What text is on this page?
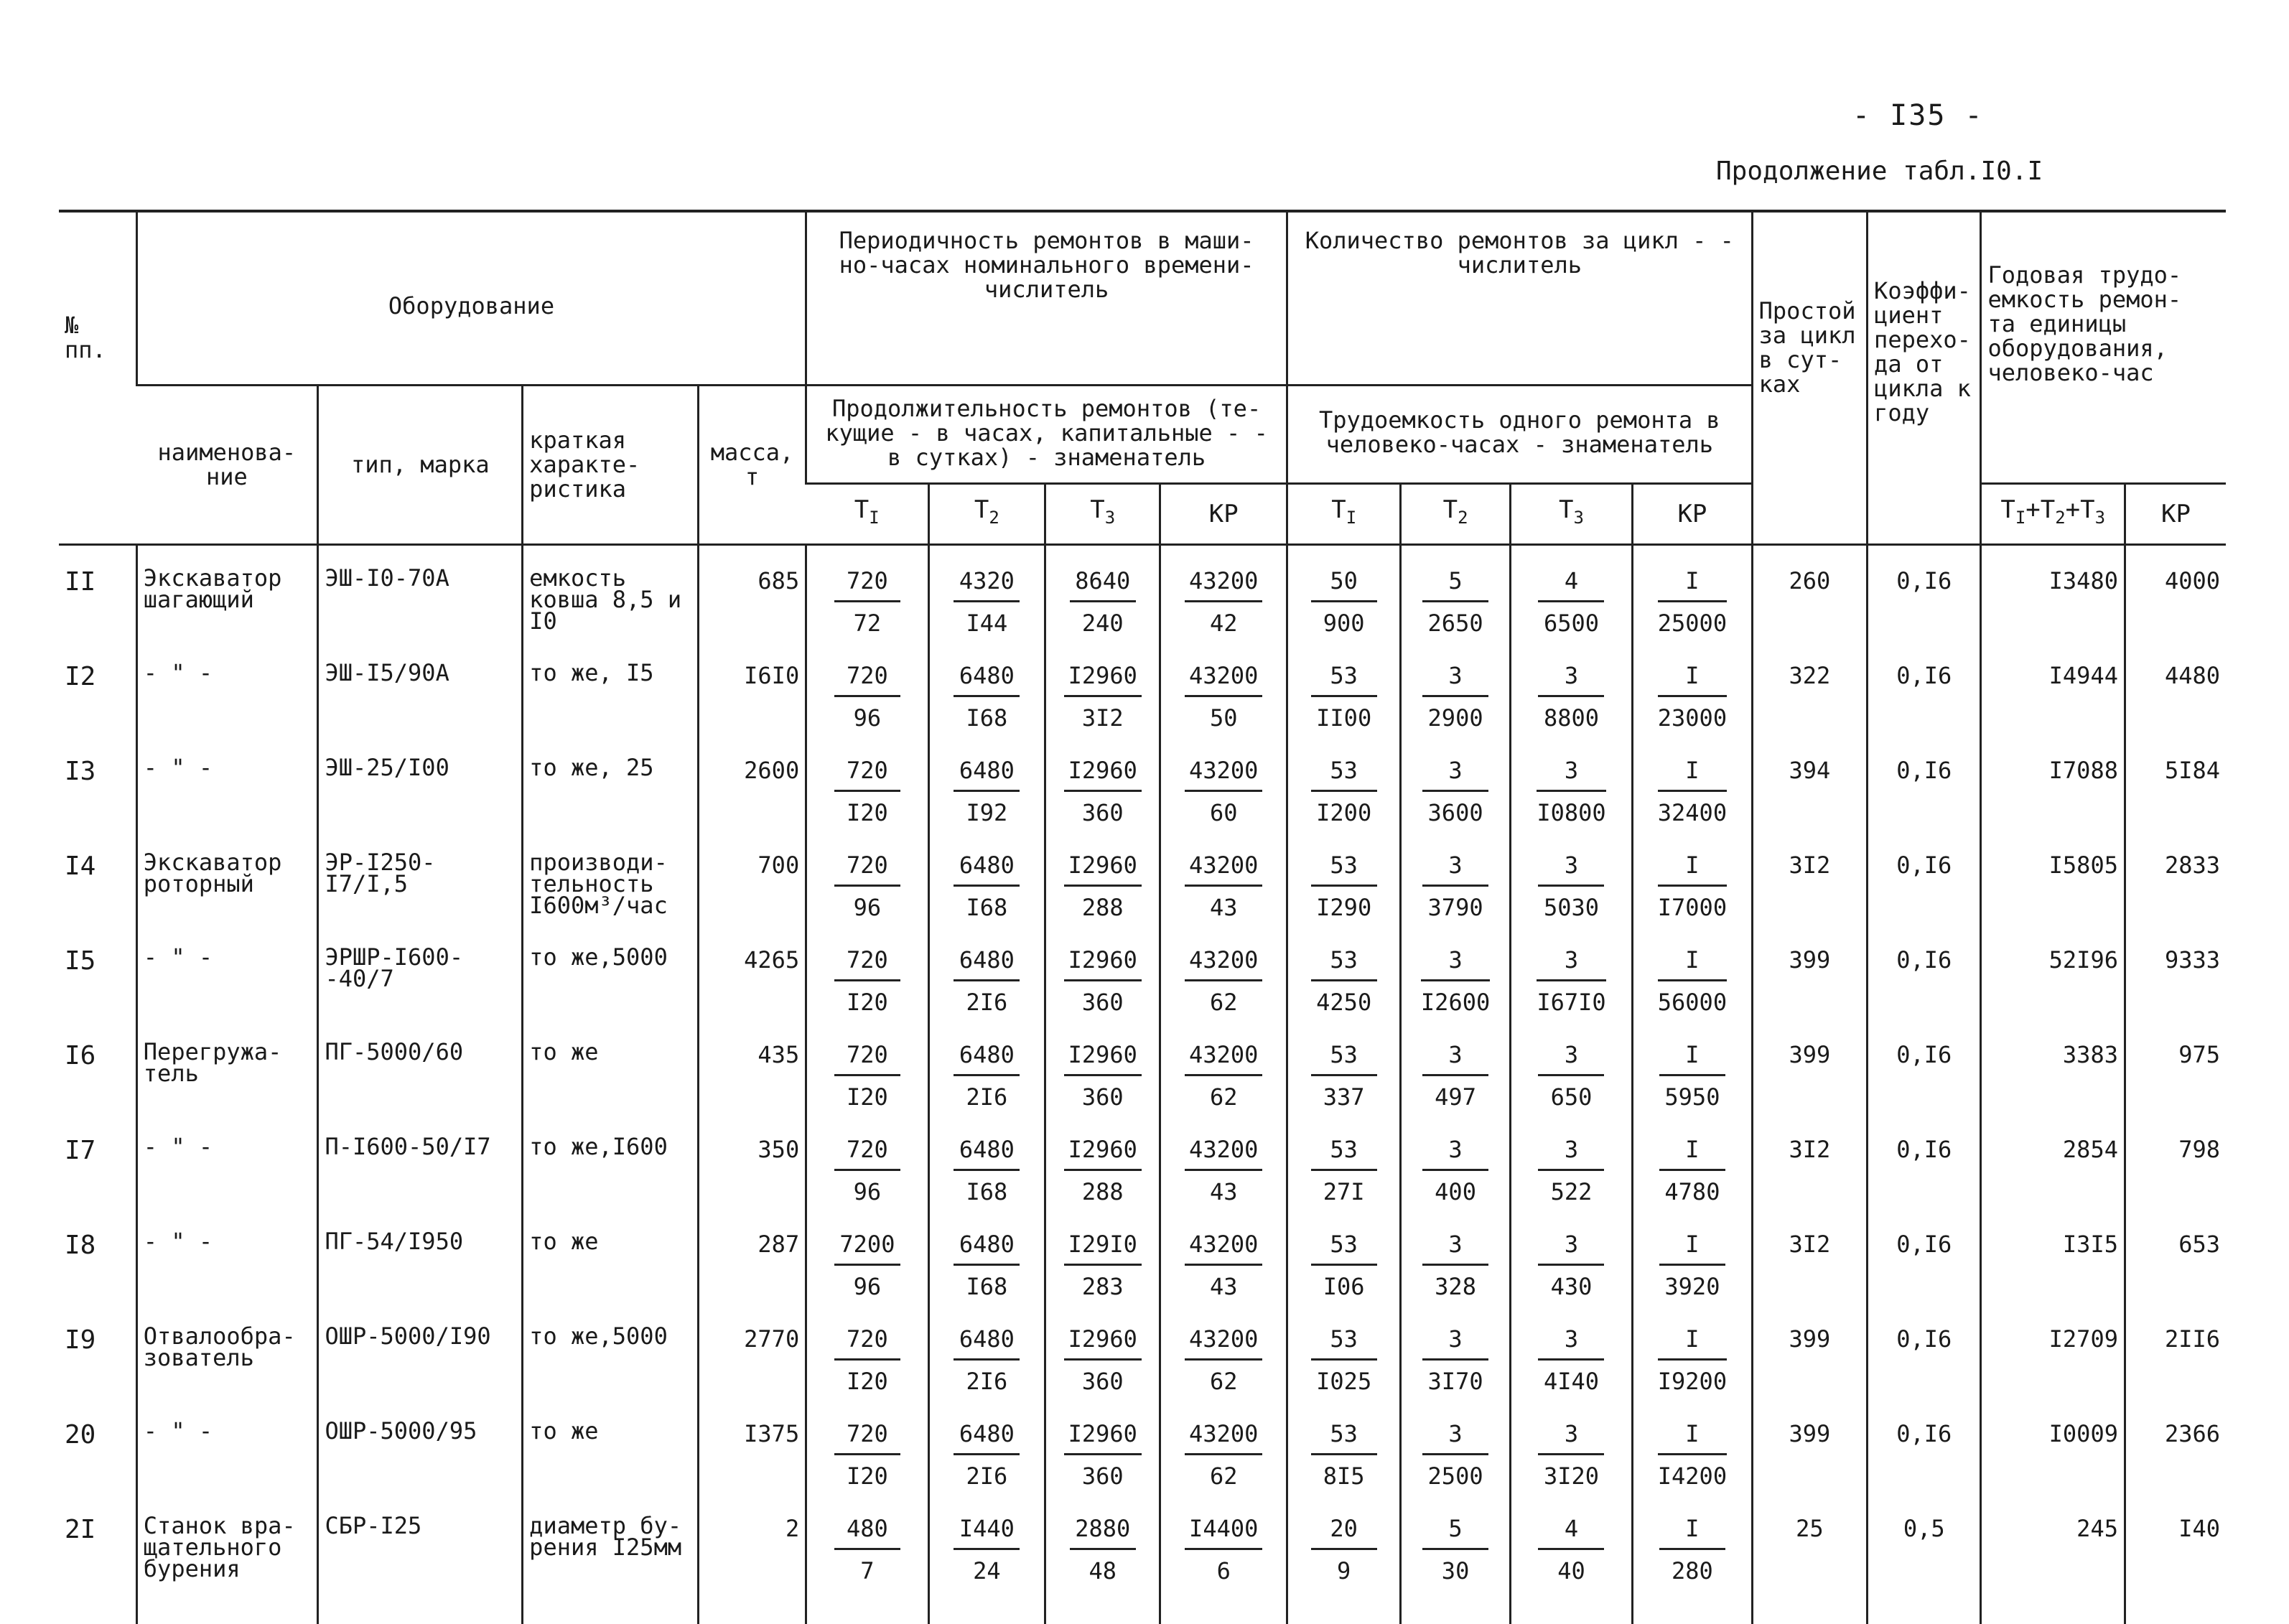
- I35 -
Продолжение табл.I0.I
№ пп.	Оборудование				Периодичность ремонтов в маши- но-часах номинального времени- числитель				Количество ремонтов за цикл - - числитель				Простой за цикл в сут- ках	Коэффи- циент перехо- да от цикла к году	Годовая трудо- емкость ремон- та единицы оборудования, человеко-час	
	наименова- ние	тип, марка	краткая характе- ристика	масса, т	Продолжительность ремонтов (те- кущие - в часах, капитальные - - в сутках) - знаменатель				Трудоемкость одного ремонта в человеко-часах - знаменатель							
					$T_I$	$T_2$	$T_3$	КР	$T_I$	$T_2$	$T_3$	КР			$T_I+T_2+T_3$	КР
II	Экскаватор шагающий	ЭШ-I0-70А	емкость ковша 8,5 и I0	685	$\frac{720}{72}$	$\frac{4320}{I44}$	$\frac{8640}{240}$	$\frac{43200}{42}$	$\frac{50}{900}$	$\frac{5}{2650}$	$\frac{4}{6500}$	$\frac{I}{25000}$	260	0,I6	I3480	4000
I2	- " -	ЭШ-I5/90А	то же, I5	I6I0	$\frac{720}{96}$	$\frac{6480}{I68}$	$\frac{I2960}{3I2}$	$\frac{43200}{50}$	$\frac{53}{II00}$	$\frac{3}{2900}$	$\frac{3}{8800}$	$\frac{I}{23000}$	322	0,I6	I4944	4480
I3	- " -	ЭШ-25/I00	то же, 25	2600	$\frac{720}{I20}$	$\frac{6480}{I92}$	$\frac{I2960}{360}$	$\frac{43200}{60}$	$\frac{53}{I200}$	$\frac{3}{3600}$	$\frac{3}{I0800}$	$\frac{I}{32400}$	394	0,I6	I7088	5I84
I4	Экскаватор роторный	ЭР-I250-I7/I,5	производи- тельность I600м³/час	700	$\frac{720}{96}$	$\frac{6480}{I68}$	$\frac{I2960}{288}$	$\frac{43200}{43}$	$\frac{53}{I290}$	$\frac{3}{3790}$	$\frac{3}{5030}$	$\frac{I}{I7000}$	3I2	0,I6	I5805	2833
I5	- " -	ЭРШР-I600- -40/7	то же,5000	4265	$\frac{720}{I20}$	$\frac{6480}{2I6}$	$\frac{I2960}{360}$	$\frac{43200}{62}$	$\frac{53}{4250}$	$\frac{3}{I2600}$	$\frac{3}{I67I0}$	$\frac{I}{56000}$	399	0,I6	52I96	9333
I6	Перегружа- тель	ПГ-5000/60	то же	435	$\frac{720}{I20}$	$\frac{6480}{2I6}$	$\frac{I2960}{360}$	$\frac{43200}{62}$	$\frac{53}{337}$	$\frac{3}{497}$	$\frac{3}{650}$	$\frac{I}{5950}$	399	0,I6	3383	975
I7	- " -	П-I600-50/I7	то же,I600	350	$\frac{720}{96}$	$\frac{6480}{I68}$	$\frac{I2960}{288}$	$\frac{43200}{43}$	$\frac{53}{27I}$	$\frac{3}{400}$	$\frac{3}{522}$	$\frac{I}{4780}$	3I2	0,I6	2854	798
I8	- " -	ПГ-54/I950	то же	287	$\frac{7200}{96}$	$\frac{6480}{I68}$	$\frac{I29I0}{283}$	$\frac{43200}{43}$	$\frac{53}{I06}$	$\frac{3}{328}$	$\frac{3}{430}$	$\frac{I}{3920}$	3I2	0,I6	I3I5	653
I9	Отвалообра- зователь	ОШР-5000/I90	то же,5000	2770	$\frac{720}{I20}$	$\frac{6480}{2I6}$	$\frac{I2960}{360}$	$\frac{43200}{62}$	$\frac{53}{I025}$	$\frac{3}{3I70}$	$\frac{3}{4I40}$	$\frac{I}{I9200}$	399	0,I6	I2709	2II6
20	- " -	ОШР-5000/95	то же	I375	$\frac{720}{I20}$	$\frac{6480}{2I6}$	$\frac{I2960}{360}$	$\frac{43200}{62}$	$\frac{53}{8I5}$	$\frac{3}{2500}$	$\frac{3}{3I20}$	$\frac{I}{I4200}$	399	0,I6	I0009	2366
2I	Станок вра- щательного бурения	СБР-I25	диаметр бу- рения I25мм	2	$\frac{480}{7}$	$\frac{I440}{24}$	$\frac{2880}{48}$	$\frac{I4400}{6}$	$\frac{20}{9}$	$\frac{5}{30}$	$\frac{4}{40}$	$\frac{I}{280}$	25	0,5	245	I40
